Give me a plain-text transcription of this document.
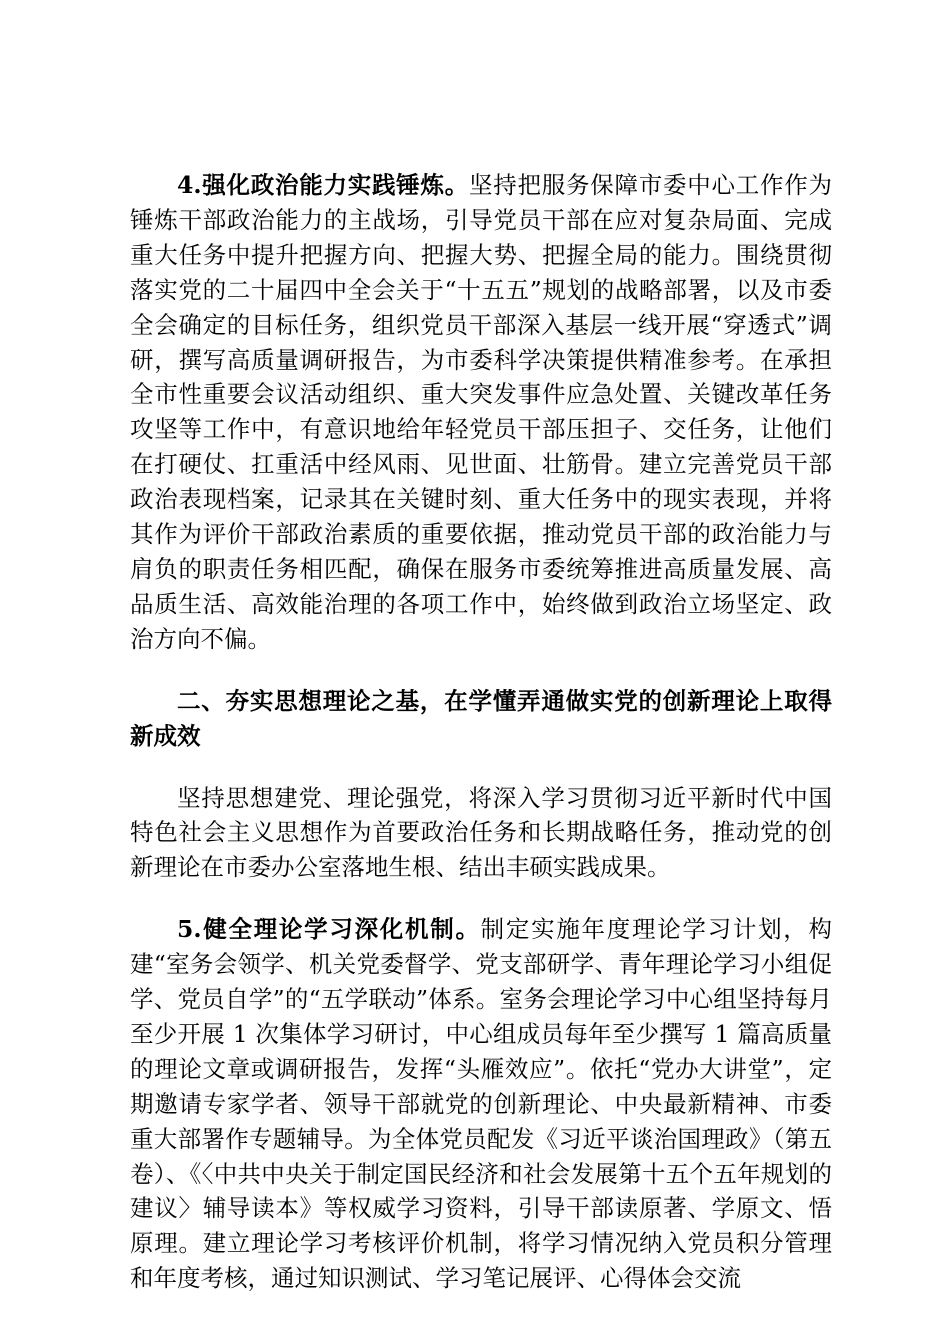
4.强化政治能力实践锤炼。坚持把服务保障市委中心工作作为锤炼干部政治能力的主战场，引导党员干部在应对复杂局面、完成重大任务中提升把握方向、把握大势、把握全局的能力。围绕贯彻落实党的二十届四中全会关于“十五五”规划的战略部署，以及市委全会确定的目标任务，组织党员干部深入基层一线开展“穿透式”调研，撰写高质量调研报告，为市委科学决策提供精准参考。在承担全市性重要会议活动组织、重大突发事件应急处置、关键改革任务攻坚等工作中，有意识地给年轻党员干部压担子、交任务，让他们在打硬仗、扛重活中经风雨、见世面、壮筋骨。建立完善党员干部政治表现档案，记录其在关键时刻、重大任务中的现实表现，并将其作为评价干部政治素质的重要依据，推动党员干部的政治能力与肩负的职责任务相匹配，确保在服务市委统筹推进高质量发展、高品质生活、高效能治理的各项工作中，始终做到政治立场坚定、政治方向不偏。

二、夯实思想理论之基，在学懂弄通做实党的创新理论上取得新成效

坚持思想建党、理论强党，将深入学习贯彻习近平新时代中国特色社会主义思想作为首要政治任务和长期战略任务，推动党的创新理论在市委办公室落地生根、结出丰硕实践成果。

5.健全理论学习深化机制。制定实施年度理论学习计划，构建“室务会领学、机关党委督学、党支部研学、青年理论学习小组促学、党员自学”的“五学联动”体系。室务会理论学习中心组坚持每月至少开展 1 次集体学习研讨，中心组成员每年至少撰写 1 篇高质量的理论文章或调研报告，发挥“头雁效应”。依托“党办大讲堂”，定期邀请专家学者、领导干部就党的创新理论、中央最新精神、市委重大部署作专题辅导。为全体党员配发《习近平谈治国理政》（第五卷）、《〈中共中央关于制定国民经济和社会发展第十五个五年规划的建议〉辅导读本》等权威学习资料，引导干部读原著、学原文、悟原理。建立理论学习考核评价机制，将学习情况纳入党员积分管理和年度考核，通过知识测试、学习笔记展评、心得体会交流
